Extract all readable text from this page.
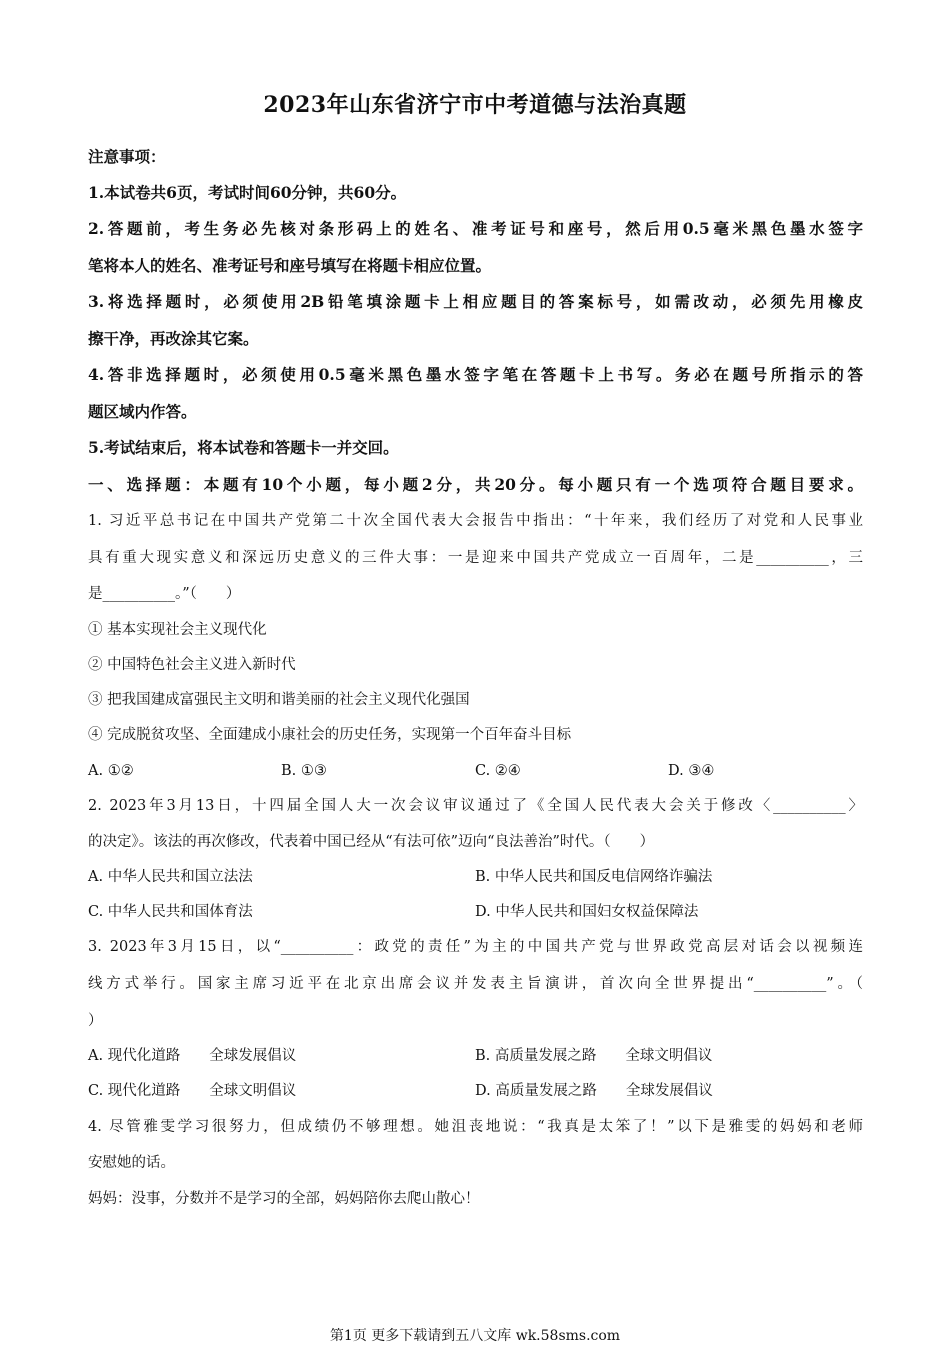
2023年山东省济宁市中考道德与法治真题
注意事项：
1.本试卷共6页，考试时间60分钟，共60分。
2.答题前，考生务必先核对条形码上的姓名、准考证号和座号，然后用0.5毫米黑色墨水签字
笔将本人的姓名、准考证号和座号填写在将题卡相应位置。
3.将选择题时，必须使用2B铅笔填涂题卡上相应题目的答案标号，如需改动，必须先用橡皮
擦干净，再改涂其它案。
4.答非选择题时，必须使用0.5毫米黑色墨水签字笔在答题卡上书写。务必在题号所指示的答
题区域内作答。
5.考试结束后，将本试卷和答题卡一并交回。
一、选择题：本题有10个小题，每小题2分，共20分。每小题只有一个选项符合题目要求。
1. 习近平总书记在中国共产党第二十次全国代表大会报告中指出：“十年来，我们经历了对党和人民事业
具有重大现实意义和深远历史意义的三件大事：一是迎来中国共产党成立一百周年，二是__________，三
是__________。”（　　）
① 基本实现社会主义现代化
② 中国特色社会主义进入新时代
③ 把我国建成富强民主文明和谐美丽的社会主义现代化强国
④ 完成脱贫攻坚、全面建成小康社会的历史任务，实现第一个百年奋斗目标
A. ①②	B. ①③	C. ②④	D. ③④
2. 2023年3月13日，十四届全国人大一次会议审议通过了《全国人民代表大会关于修改〈__________〉
的决定》。该法的再次修改，代表着中国已经从“有法可依”迈向“良法善治”时代。（　　）
A. 中华人民共和国立法法	B. 中华人民共和国反电信网络诈骗法
C. 中华人民共和国体育法	D. 中华人民共和国妇女权益保障法
3. 2023年3月15日，以“__________：政党的责任”为主的中国共产党与世界政党高层对话会以视频连
线方式举行。国家主席习近平在北京出席会议并发表主旨演讲，首次向全世界提出“__________”。（
）
A. 现代化道路　　全球发展倡议	B. 高质量发展之路　　全球文明倡议
C. 现代化道路　　全球文明倡议	D. 高质量发展之路　　全球发展倡议
4. 尽管雅雯学习很努力，但成绩仍不够理想。她沮丧地说：“我真是太笨了！”以下是雅雯的妈妈和老师
安慰她的话。
妈妈：没事，分数并不是学习的全部，妈妈陪你去爬山散心！
第1页 更多下载请到五八文库 wk.58sms.com
